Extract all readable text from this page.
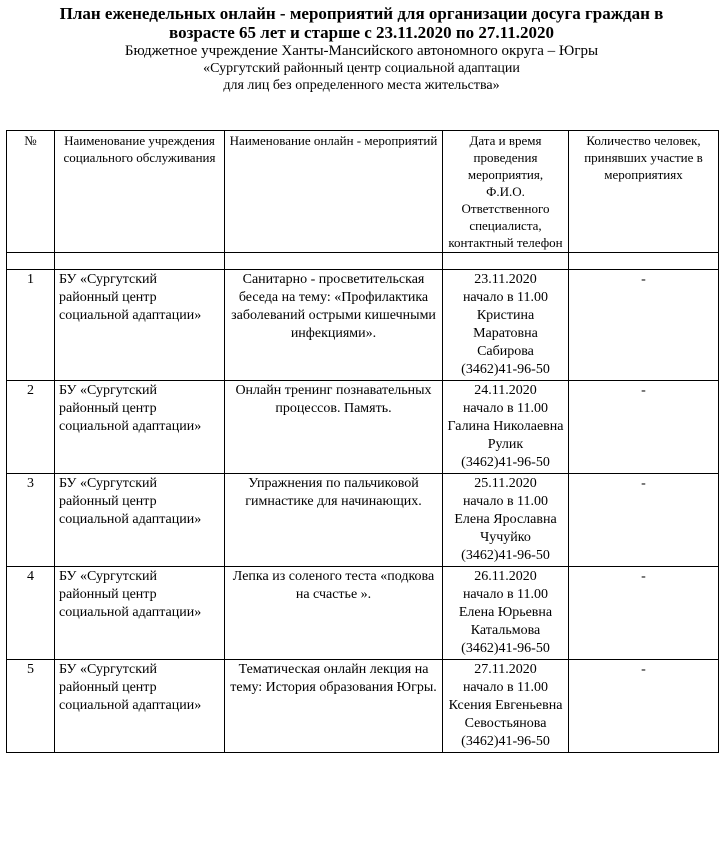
План еженедельных онлайн - мероприятий для организации досуга граждан в
возрасте 65 лет и старше с 23.11.2020 по 27.11.2020

Бюджетное учреждение Ханты-Мансийского автономного округа – Югры

«Сургутский районный центр социальной адаптации

для лиц без определенного места жительства»

№	Наименование учреждения социального обслуживания	Наименование онлайн - мероприятий	Дата и время проведения мероприятия, Ф.И.О. Ответственного специалиста, контактный телефон	Количество человек, принявших участие в мероприятиях

1	БУ «Сургутский районный центр социальной адаптации»	Санитарно - просветительская беседа на тему: «Профилактика заболеваний острыми кишечными инфекциями».	23.11.2020
начало в 11.00
Кристина Маратовна Сабирова
(3462)41-96-50	-
2	БУ «Сургутский районный центр социальной адаптации»	Онлайн тренинг познавательных процессов. Память.	24.11.2020
начало в 11.00
Галина Николаевна Рулик
(3462)41-96-50	-
3	БУ «Сургутский районный центр социальной адаптации»	Упражнения по пальчиковой гимнастике для начинающих.	25.11.2020
начало в 11.00
Елена Ярославна Чучуйко
(3462)41-96-50	-
4	БУ «Сургутский районный центр социальной адаптации»	Лепка из соленого теста «подкова на счастье ».	26.11.2020
начало в 11.00
Елена Юрьевна Катальмова
(3462)41-96-50	-
5	БУ «Сургутский районный центр социальной адаптации»	Тематическая онлайн лекция на тему: История образования Югры.	27.11.2020
начало в 11.00
Ксения Евгеньевна Севостьянова
(3462)41-96-50	-
